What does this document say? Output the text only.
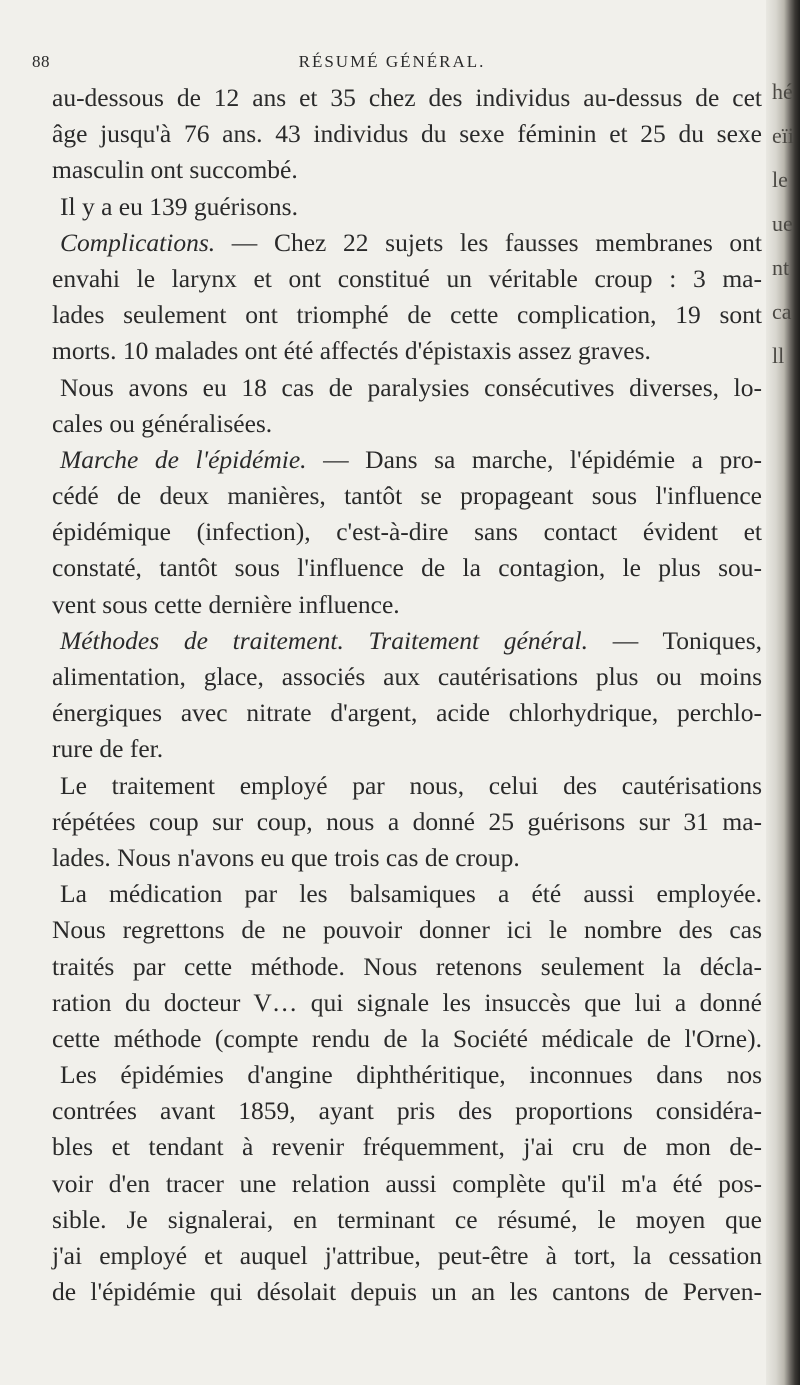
88	RÉSUMÉ GÉNÉRAL.
au-dessous de 12 ans et 35 chez des individus au-dessus de cet
âge jusqu'à 76 ans. 43 individus du sexe féminin et 25 du sexe
masculin ont succombé.
Il y a eu 139 guérisons.
Complications. — Chez 22 sujets les fausses membranes ont
envahi le larynx et ont constitué un véritable croup : 3 ma-
lades seulement ont triomphé de cette complication, 19 sont
morts. 10 malades ont été affectés d'épistaxis assez graves.
Nous avons eu 18 cas de paralysies consécutives diverses, lo-
cales ou généralisées.
Marche de l'épidémie. — Dans sa marche, l'épidémie a pro-
cédé de deux manières, tantôt se propageant sous l'influence
épidémique (infection), c'est-à-dire sans contact évident et
constaté, tantôt sous l'influence de la contagion, le plus sou-
vent sous cette dernière influence.
Méthodes de traitement. Traitement général. — Toniques,
alimentation, glace, associés aux cautérisations plus ou moins
énergiques avec nitrate d'argent, acide chlorhydrique, perchlo-
rure de fer.
Le traitement employé par nous, celui des cautérisations
répétées coup sur coup, nous a donné 25 guérisons sur 31 ma-
lades. Nous n'avons eu que trois cas de croup.
La médication par les balsamiques a été aussi employée.
Nous regrettons de ne pouvoir donner ici le nombre des cas
traités par cette méthode. Nous retenons seulement la décla-
ration du docteur V… qui signale les insuccès que lui a donné
cette méthode (compte rendu de la Société médicale de l'Orne).
Les épidémies d'angine diphthéritique, inconnues dans nos
contrées avant 1859, ayant pris des proportions considéra-
bles et tendant à revenir fréquemment, j'ai cru de mon de-
voir d'en tracer une relation aussi complète qu'il m'a été pos-
sible. Je signalerai, en terminant ce résumé, le moyen que
j'ai employé et auquel j'attribue, peut-être à tort, la cessation
de l'épidémie qui désolait depuis un an les cantons de Perven-
hé
eïi
le
ue
nt
ca
ll
